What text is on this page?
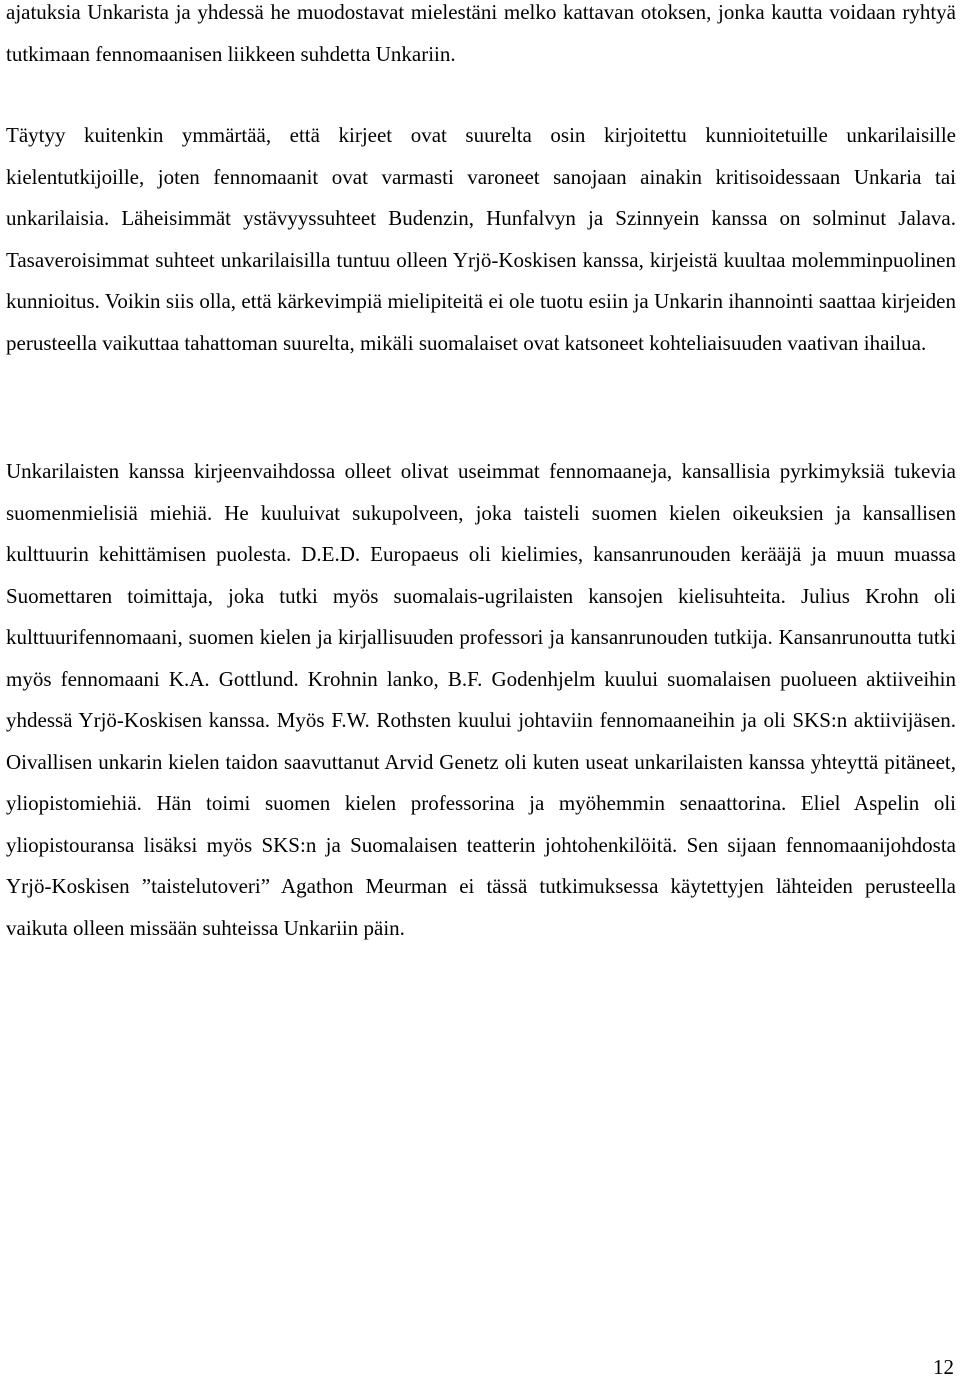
ajatuksia Unkarista ja yhdessä he muodostavat mielestäni melko kattavan otoksen, jonka kautta voidaan ryhtyä tutkimaan fennomaanisen liikkeen suhdetta Unkariin.

Täytyy kuitenkin ymmärtää, että kirjeet ovat suurelta osin kirjoitettu kunnioitetuille unkarilaisille kielentutkijoille, joten fennomaanit ovat varmasti varoneet sanojaan ainakin kritisoidessaan Unkaria tai unkarilaisia. Läheisimmät ystävyyssuhteet Budenzin, Hunfalvyn ja Szinnyein kanssa on solminut Jalava. Tasaveroisimmat suhteet unkarilaisilla tuntuu olleen Yrjö-Koskisen kanssa, kirjeistä kuultaa molemminpuolinen kunnioitus. Voikin siis olla, että kärkevimpiä mielipiteitä ei ole tuotu esiin ja Unkarin ihannointi saattaa kirjeiden perusteella vaikuttaa tahattoman suurelta, mikäli suomalaiset ovat katsoneet kohteliaisuuden vaativan ihailua.

Unkarilaisten kanssa kirjeenvaihdossa olleet olivat useimmat fennomaaneja, kansallisia pyrkimyksiä tukevia suomenmielisiä miehiä. He kuuluivat sukupolveen, joka taisteli suomen kielen oikeuksien ja kansallisen kulttuurin kehittämisen puolesta. D.E.D. Europaeus oli kielimies, kansanrunouden kerääjä ja muun muassa Suomettaren toimittaja, joka tutki myös suomalais-ugrilaisten kansojen kielisuhteita. Julius Krohn oli kulttuurifennomaani, suomen kielen ja kirjallisuuden professori ja kansanrunouden tutkija. Kansanrunoutta tutki myös fennomaani K.A. Gottlund. Krohnin lanko, B.F. Godenhjelm kuului suomalaisen puolueen aktiiveihin yhdessä Yrjö-Koskisen kanssa. Myös F.W. Rothsten kuului johtaviin fennomaaneihin ja oli SKS:n aktiivijäsen. Oivallisen unkarin kielen taidon saavuttanut Arvid Genetz oli kuten useat unkarilaisten kanssa yhteyttä pitäneet, yliopistomiehiä. Hän toimi suomen kielen professorina ja myöhemmin senaattorina. Eliel Aspelin oli yliopistouransa lisäksi myös SKS:n ja Suomalaisen teatterin johtohenkilöitä. Sen sijaan fennomaanijohdosta Yrjö-Koskisen ”taistelutoveri” Agathon Meurman ei tässä tutkimuksessa käytettyjen lähteiden perusteella vaikuta olleen missään suhteissa Unkariin päin.

12
